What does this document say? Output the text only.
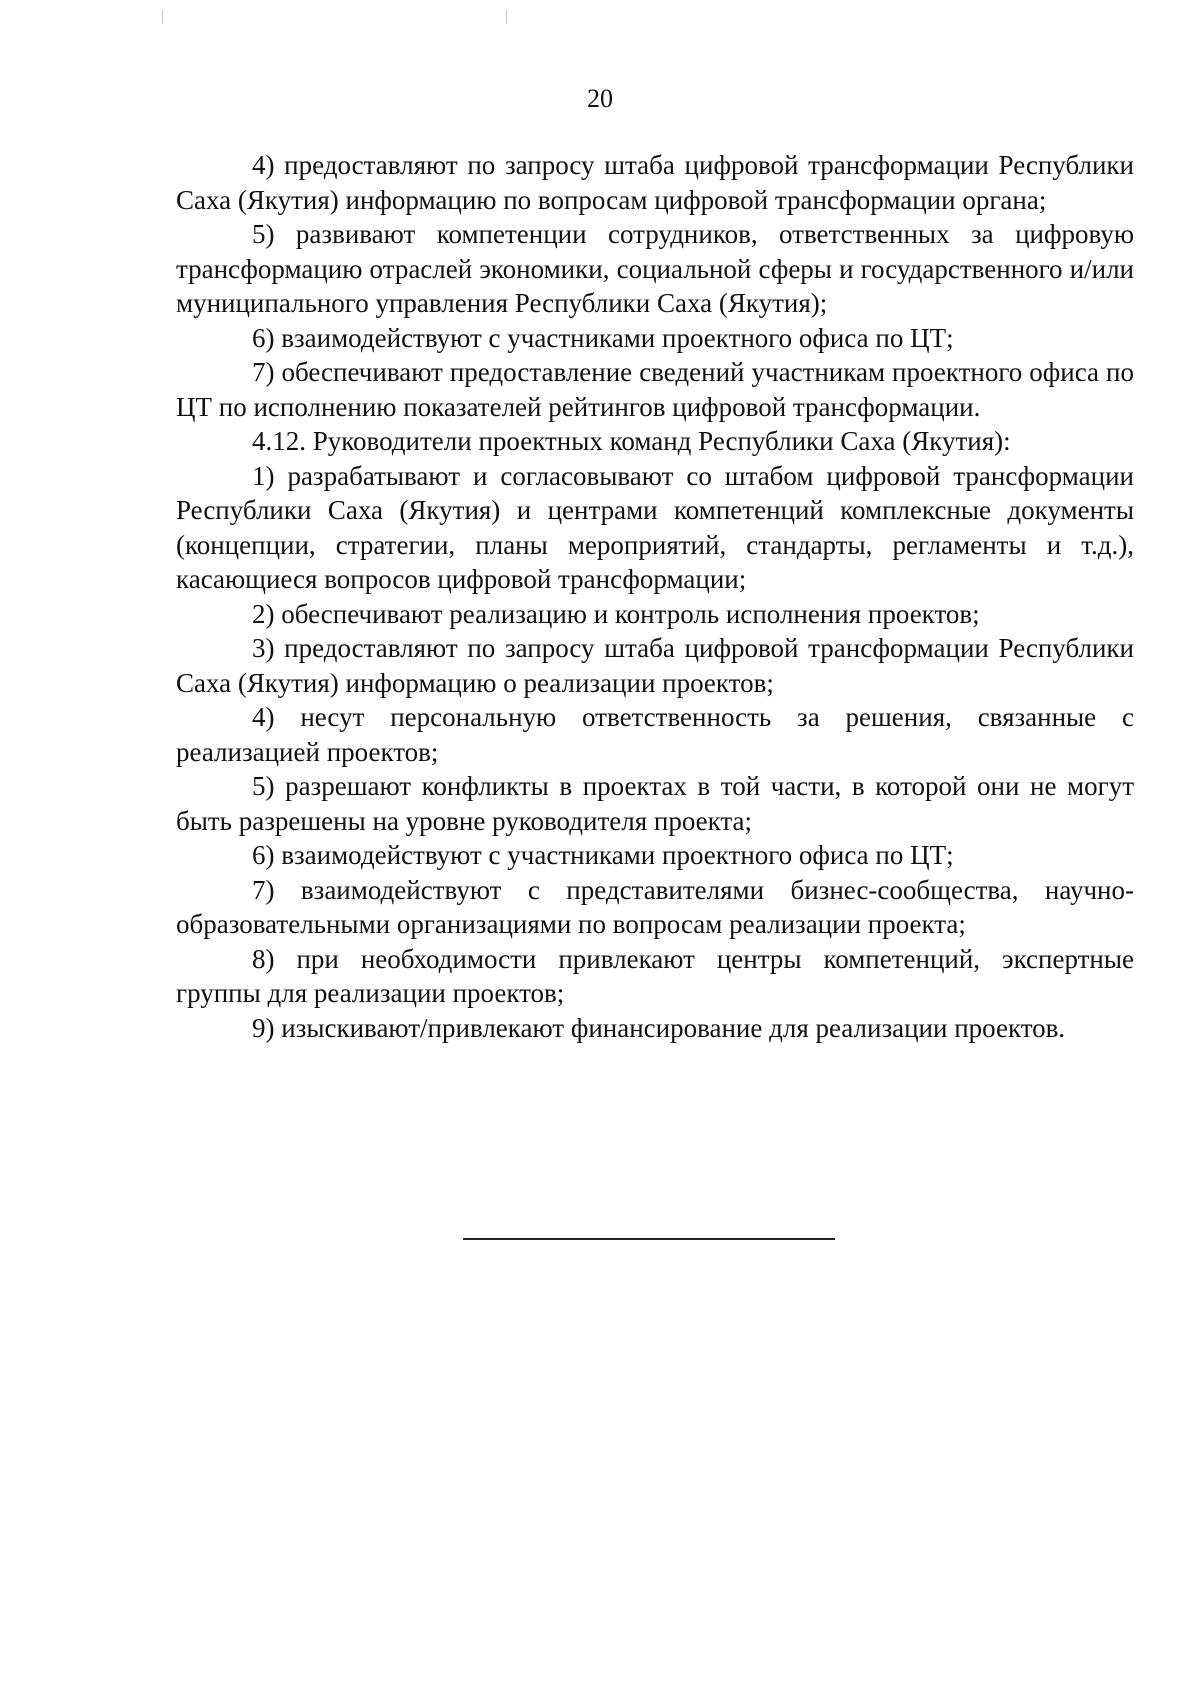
20

4) предоставляют по запросу штаба цифровой трансформации Республики Саха (Якутия) информацию по вопросам цифровой трансформации органа;

5) развивают компетенции сотрудников, ответственных за цифровую трансформацию отраслей экономики, социальной сферы и государственного и/или муниципального управления Республики Саха (Якутия);

6) взаимодействуют с участниками проектного офиса по ЦТ;

7) обеспечивают предоставление сведений участникам проектного офиса по ЦТ по исполнению показателей рейтингов цифровой трансформации.

4.12. Руководители проектных команд Республики Саха (Якутия):

1) разрабатывают и согласовывают со штабом цифровой трансформации Республики Саха (Якутия) и центрами компетенций комплексные документы (концепции, стратегии, планы мероприятий, стандарты, регламенты и т.д.), касающиеся вопросов цифровой трансформации;

2) обеспечивают реализацию и контроль исполнения проектов;

3) предоставляют по запросу штаба цифровой трансформации Республики Саха (Якутия) информацию о реализации проектов;

4) несут персональную ответственность за решения, связанные с реализацией проектов;

5) разрешают конфликты в проектах в той части, в которой они не могут быть разрешены на уровне руководителя проекта;

6) взаимодействуют с участниками проектного офиса по ЦТ;

7) взаимодействуют с представителями бизнес-сообщества, научно-образовательными организациями по вопросам реализации проекта;

8) при необходимости привлекают центры компетенций, экспертные группы для реализации проектов;

9) изыскивают/привлекают финансирование для реализации проектов.
